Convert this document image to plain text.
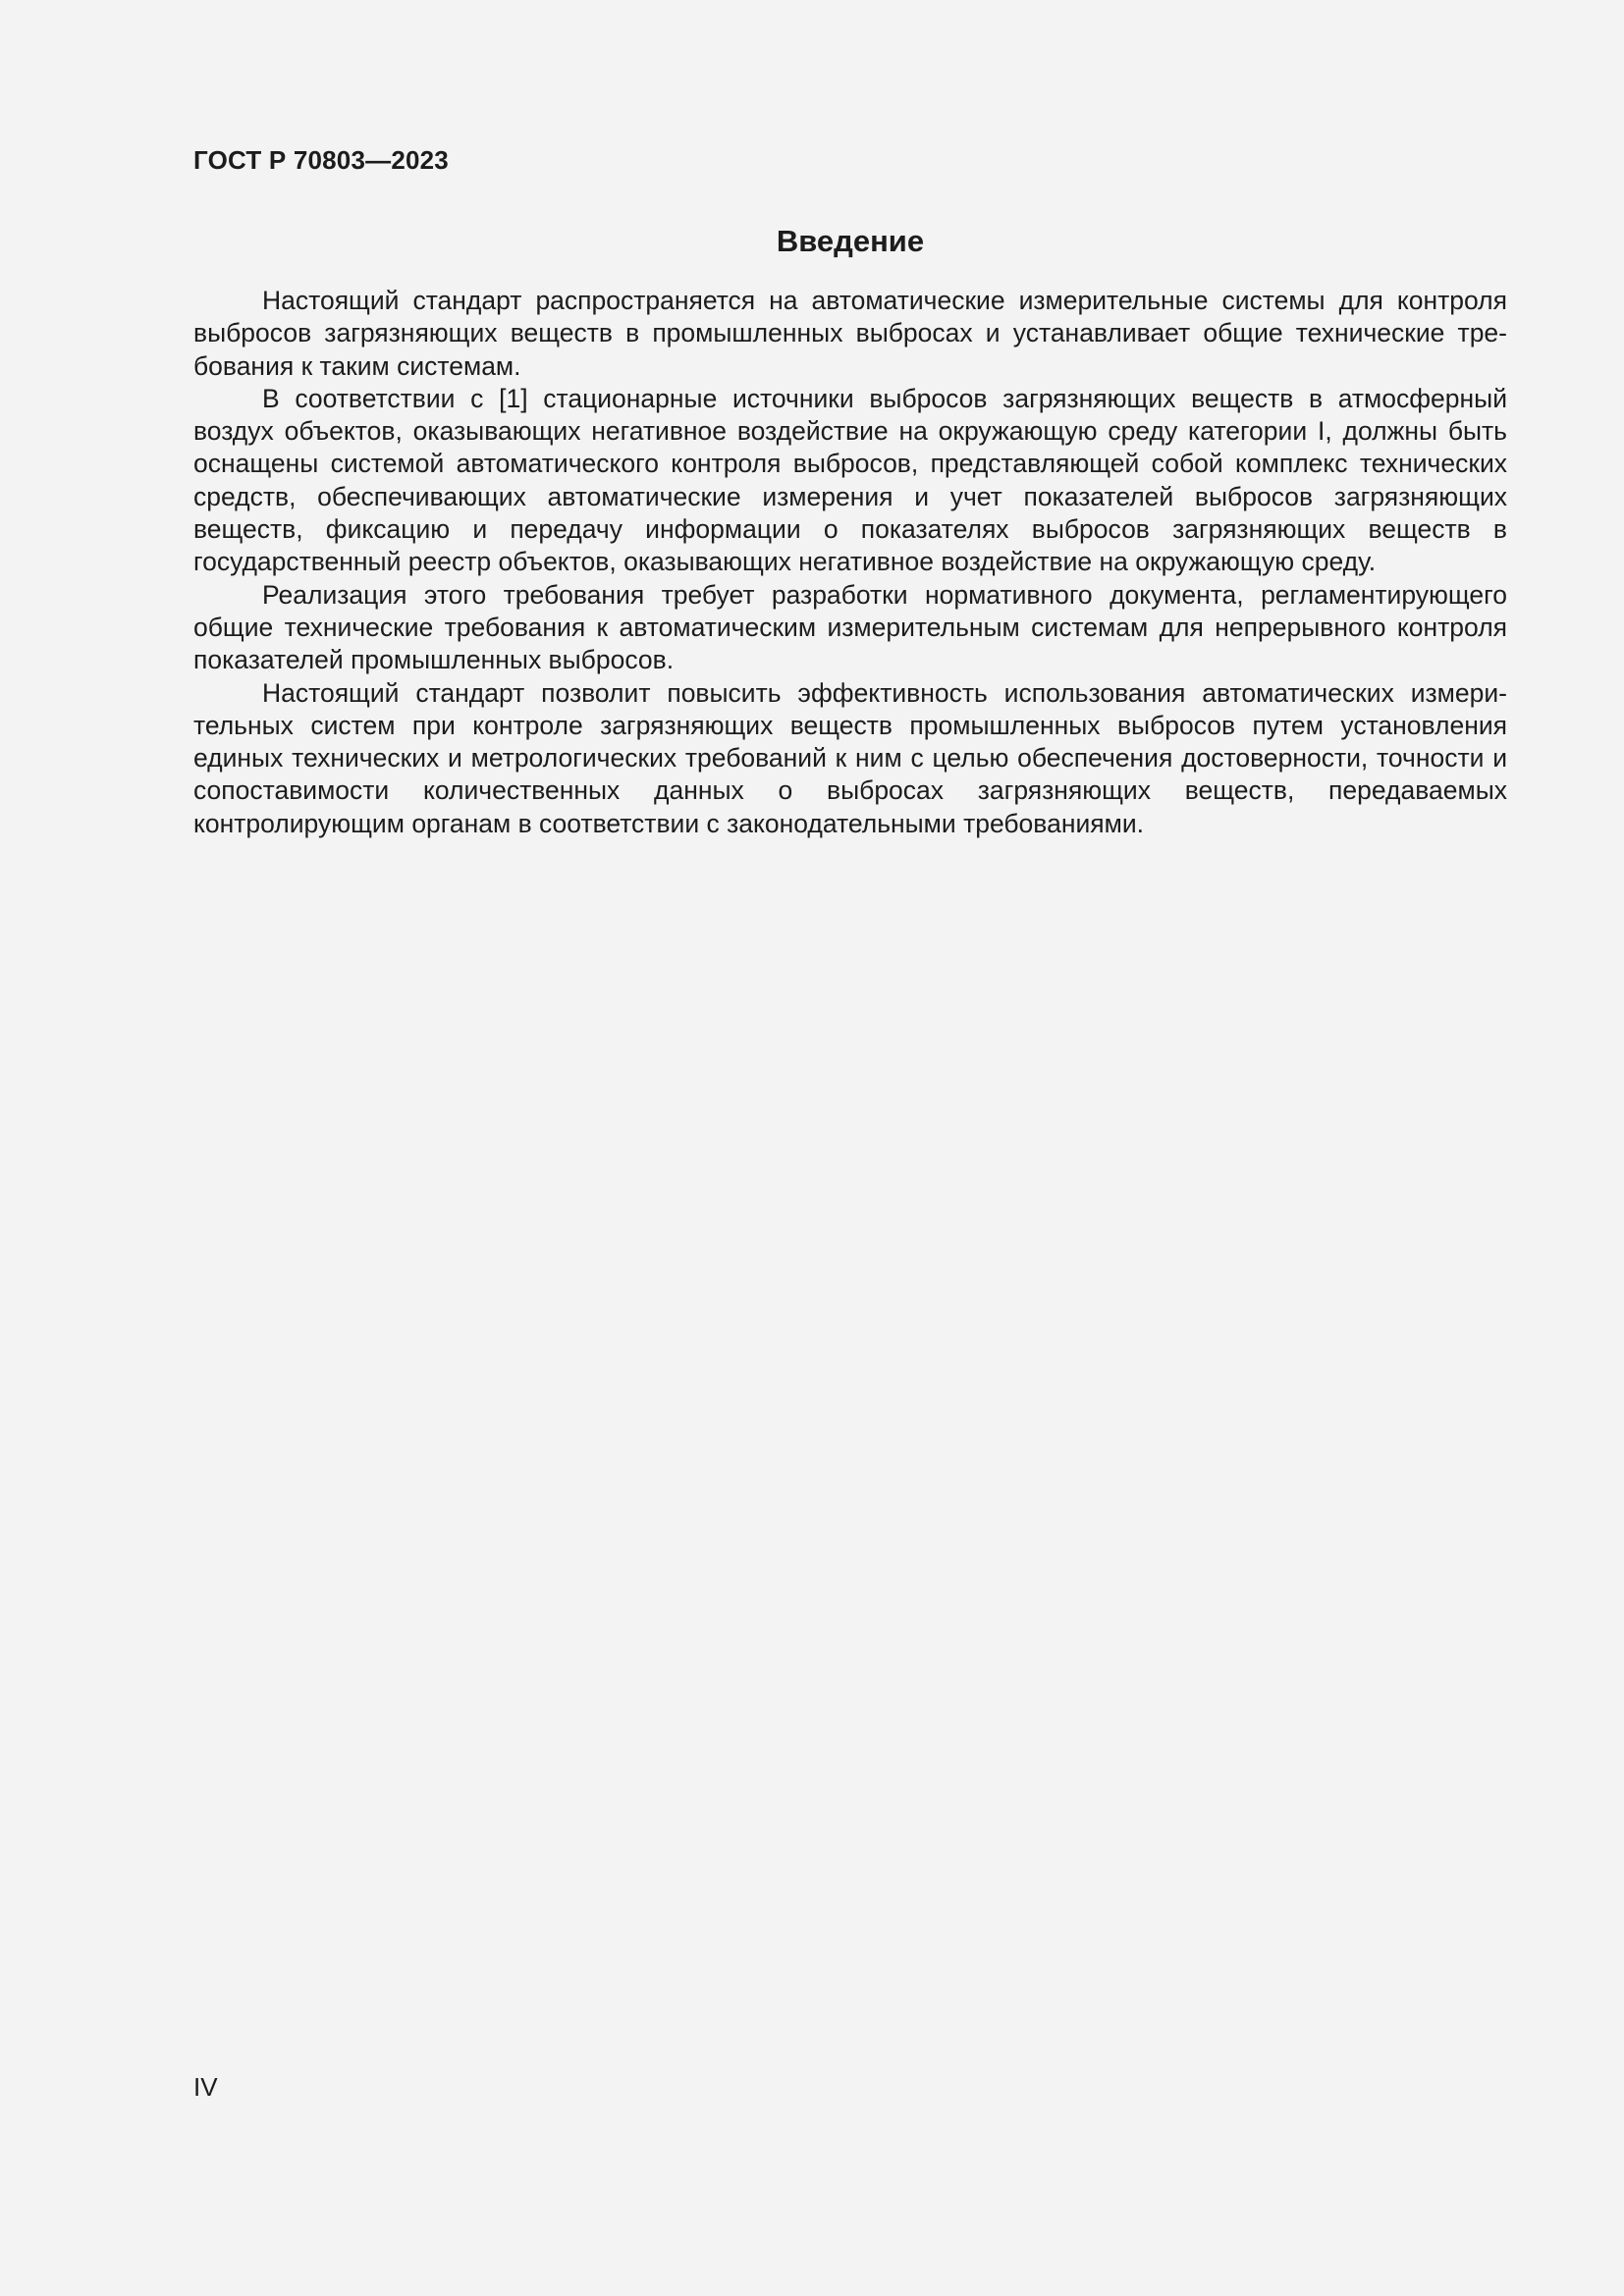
ГОСТ Р 70803—2023
Введение

Настоящий стандарт распространяется на автоматические измерительные системы для контроля выбросов загрязняющих веществ в промышленных выбросах и устанавливает общие технические требования к таким системам.

В соответствии с [1] стационарные источники выбросов загрязняющих веществ в атмосферный воздух объектов, оказывающих негативное воздействие на окружающую среду категории I, должны быть оснащены системой автоматического контроля выбросов, представляющей собой комплекс технических средств, обеспечивающих автоматические измерения и учет показателей выбросов загрязняющих веществ, фиксацию и передачу информации о показателях выбросов загрязняющих веществ в государственный реестр объектов, оказывающих негативное воздействие на окружающую среду.

Реализация этого требования требует разработки нормативного документа, регламентирующего общие технические требования к автоматическим измерительным системам для непрерывного контроля показателей промышленных выбросов.

Настоящий стандарт позволит повысить эффективность использования автоматических измерительных систем при контроле загрязняющих веществ промышленных выбросов путем установления единых технических и метрологических требований к ним с целью обеспечения достоверности, точности и сопоставимости количественных данных о выбросах загрязняющих веществ, передаваемых контролирующим органам в соответствии с законодательными требованиями.

IV
